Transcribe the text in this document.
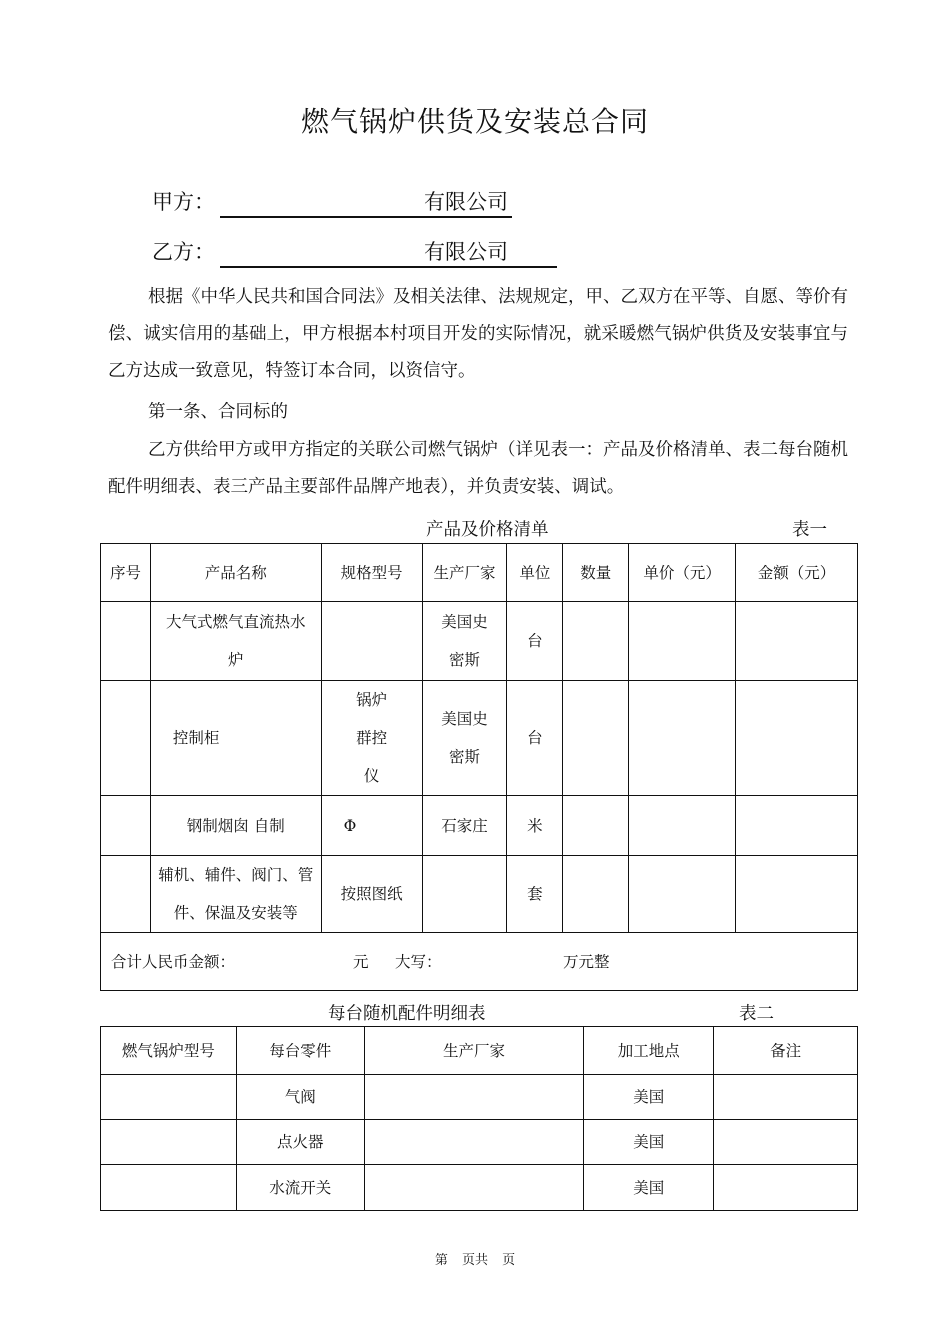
燃气锅炉供货及安装总合同
甲方：	有限公司
乙方：	有限公司
根据《中华人民共和国合同法》及相关法律、法规规定，甲、乙双方在平等、自愿、等价有偿、诚实信用的基础上，甲方根据本村项目开发的实际情况，就采暖燃气锅炉供货及安装事宜与乙方达成一致意见，特签订本合同，以资信守。
第一条、合同标的
乙方供给甲方或甲方指定的关联公司燃气锅炉（详见表一：产品及价格清单、表二每台随机配件明细表、表三产品主要部件品牌产地表），并负责安装、调试。
产品及价格清单	表一
序号	产品名称	规格型号	生产厂家	单位	数量	单价（元）	金额（元）
	大气式燃气直流热水炉		美国史密斯	台			
	控制柜	锅炉群控仪	美国史密斯	台			
	钢制烟囱 自制	Φ	石家庄	米			
	辅机、辅件、阀门、管件、保温及安装等	按照图纸		套			

合计人民币金额： 元 大写： 万元整							
每台随机配件明细表	表二
燃气锅炉型号	每台零件	生产厂家	加工地点	备注
	气阀		美国	
	点火器		美国	
	水流开关		美国	
第 页共 页
